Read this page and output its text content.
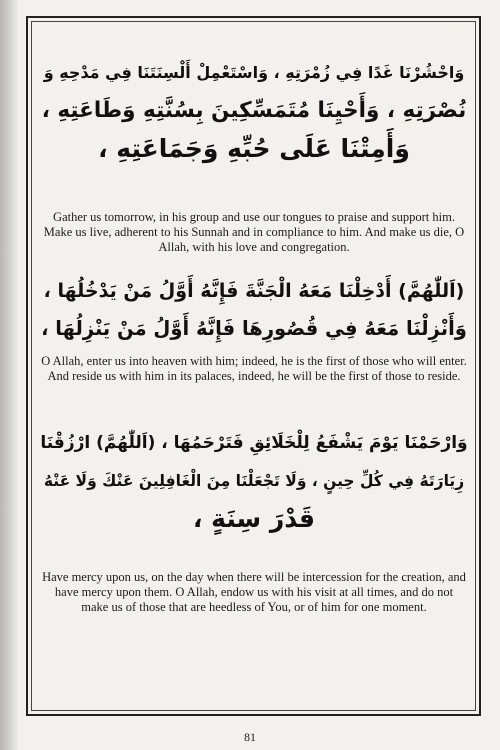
وَاحْشُرْنَا غَدًا فِي زُمْرَتِهِ ، وَاسْتَعْمِلْ أَلْسِنَتَنَا فِي مَدْحِهِ وَ
نُصْرَتِهِ ، وَأَحْيِنَا مُتَمَسِّكِينَ بِسُنَّتِهِ وَطَاعَتِهِ ،
وَأَمِتْنَا عَلَى حُبِّهِ وَجَمَاعَتِهِ ،
Gather us tomorrow, in his group and use our tongues to praise and support him. Make us live, adherent to his Sunnah and in compliance to him. And make us die, O Allah, with his love and congregation.
(اَللّٰهُمَّ) أَدْخِلْنَا مَعَهُ الْجَنَّةَ فَإِنَّهُ أَوَّلُ مَنْ يَدْخُلُهَا ،
وَأَنْزِلْنَا مَعَهُ فِي قُصُورِهَا فَإِنَّهُ أَوَّلُ مَنْ يَنْزِلُهَا ،
O Allah, enter us into heaven with him; indeed, he is the first of those who will enter. And reside us with him in its palaces, indeed, he will be the first of those to reside.
وَارْحَمْنَا يَوْمَ يَشْفَعُ لِلْخَلَائِقِ فَتَرْحَمُهَا ، (اَللّٰهُمَّ) ارْزُقْنَا
زِيَارَتَهُ فِي كُلِّ حِينٍ ، وَلَا تَجْعَلْنَا مِنَ الْغَافِلِينَ عَنْكَ وَلَا عَنْهُ
قَدْرَ سِنَةٍ ،
Have mercy upon us, on the day when there will be intercession for the creation, and have mercy upon them. O Allah, endow us with his visit at all times, and do not make us of those that are heedless of You, or of him for one moment.
81
